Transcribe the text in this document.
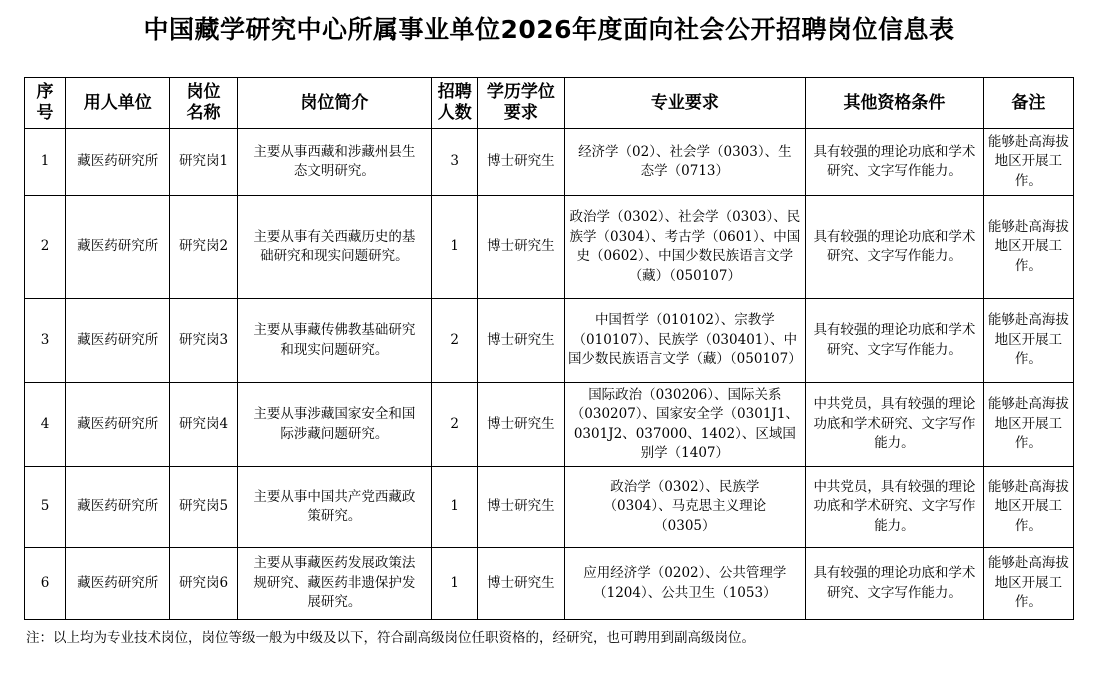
中国藏学研究中心所属事业单位2026年度面向社会公开招聘岗位信息表
序号	用人单位	岗位名称	岗位简介	招聘人数	学历学位要求	专业要求	其他资格条件	备注
1	藏医药研究所	研究岗1	主要从事西藏和涉藏州县生态文明研究。	3	博士研究生	经济学（02）、社会学（0303）、生态学（0713）	具有较强的理论功底和学术研究、文字写作能力。	能够赴高海拔地区开展工作。
2	藏医药研究所	研究岗2	主要从事有关西藏历史的基础研究和现实问题研究。	1	博士研究生	政治学（0302）、社会学（0303）、民族学（0304）、考古学（0601）、中国史（0602）、中国少数民族语言文学（藏）（050107）	具有较强的理论功底和学术研究、文字写作能力。	能够赴高海拔地区开展工作。
3	藏医药研究所	研究岗3	主要从事藏传佛教基础研究和现实问题研究。	2	博士研究生	中国哲学（010102）、宗教学（010107）、民族学（030401）、中国少数民族语言文学（藏）（050107）	具有较强的理论功底和学术研究、文字写作能力。	能够赴高海拔地区开展工作。
4	藏医药研究所	研究岗4	主要从事涉藏国家安全和国际涉藏问题研究。	2	博士研究生	国际政治（030206）、国际关系（030207）、国家安全学（0301J1、0301J2、037000、1402）、区域国别学（1407）	中共党员，具有较强的理论功底和学术研究、文字写作能力。	能够赴高海拔地区开展工作。
5	藏医药研究所	研究岗5	主要从事中国共产党西藏政策研究。	1	博士研究生	政治学（0302）、民族学（0304）、马克思主义理论（0305）	中共党员，具有较强的理论功底和学术研究、文字写作能力。	能够赴高海拔地区开展工作。
6	藏医药研究所	研究岗6	主要从事藏医药发展政策法规研究、藏医药非遗保护发展研究。	1	博士研究生	应用经济学（0202）、公共管理学（1204）、公共卫生（1053）	具有较强的理论功底和学术研究、文字写作能力。	能够赴高海拔地区开展工作。
注：以上均为专业技术岗位，岗位等级一般为中级及以下，符合副高级岗位任职资格的，经研究，也可聘用到副高级岗位。
